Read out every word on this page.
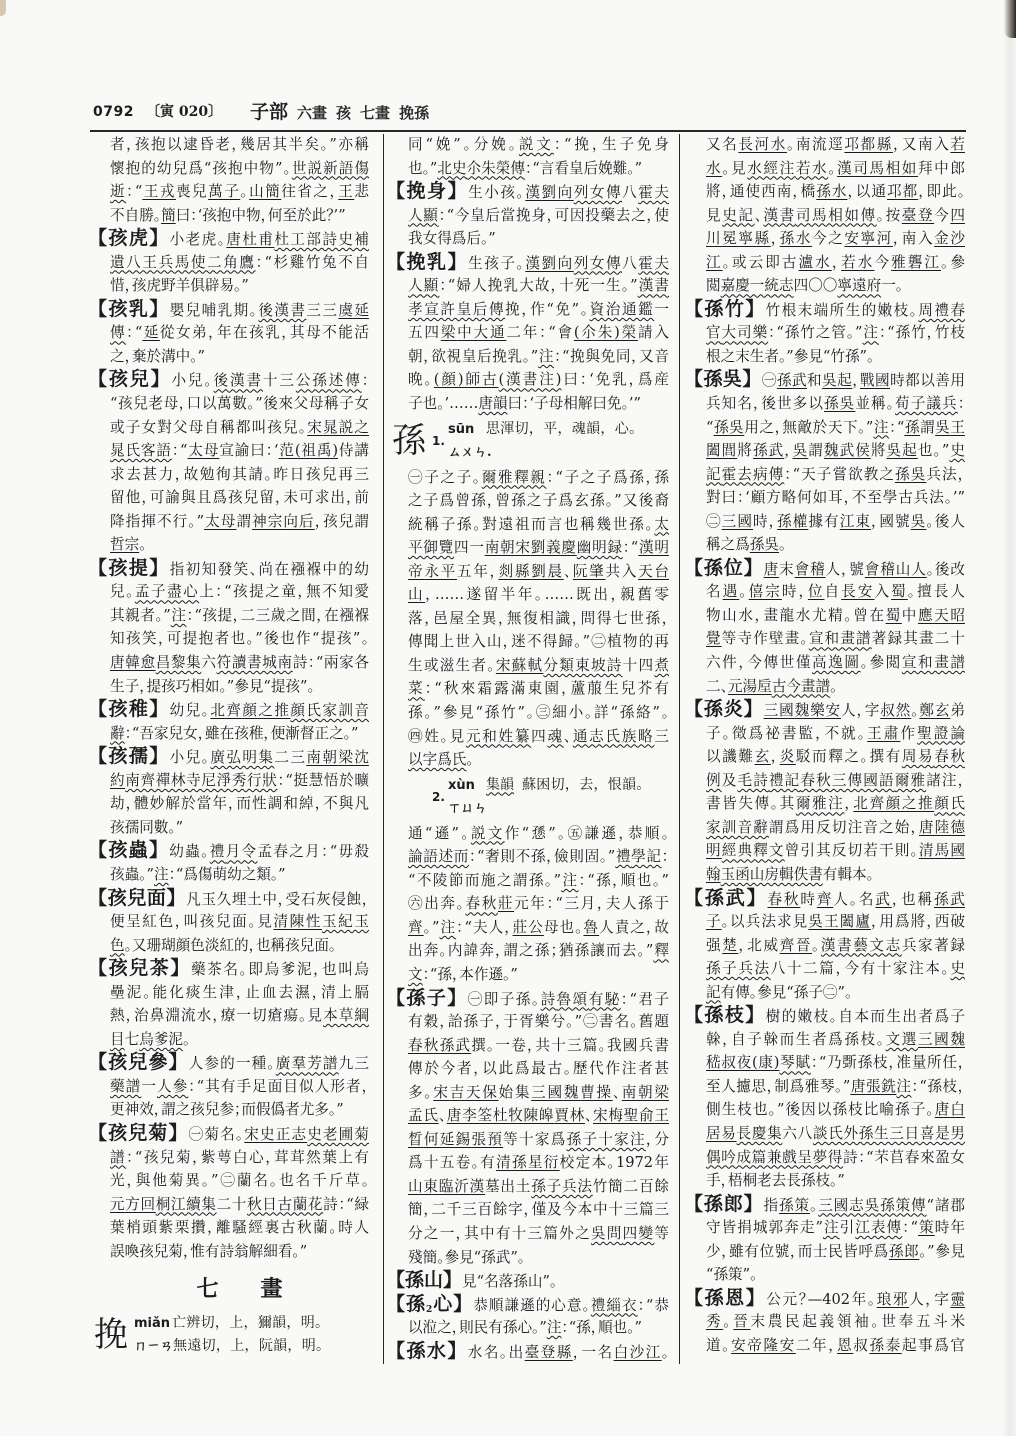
0792 〔寅 020〕 子部 六畫 孩 七畫 挽孫
者，孩抱以逮昏老，幾居其半矣。”亦稱
懷抱的幼兒爲“孩抱中物”。世説新語傷
逝：“王戎喪兒萬子。山簡往省之，王悲
不自勝。簡曰：‘孩抱中物，何至於此？’”
【孩虎】小老虎。唐杜甫杜工部詩史補
遺八王兵馬使二角鷹：“杉雞竹兔不自
惜，孩虎野羊俱辟易。”
【孩乳】嬰兒哺乳期。後漢書三三虞延
傳：“延從女弟，年在孩乳，其母不能活
之，棄於溝中。”
【孩兒】小兒。後漢書十三公孫述傳：
“孩兒老母，口以萬數。”後來父母稱子女
或子女對父母自稱都叫孩兒。宋晁説之
晁氏客語：“太母宣諭曰：‘范(祖禹)侍講
求去甚力，故勉徇其請。昨日孩兒再三
留他，可諭與且爲孩兒留，未可求出，前
降指揮不行。”太母謂神宗向后，孩兒謂
哲宗。
【孩提】指初知發笑、尚在襁褓中的幼
兒。孟子盡心上：“孩提之童，無不知愛
其親者。”注：“孩提，二三歲之間，在襁褓
知孩笑，可提抱者也。”後也作“提孩”。
唐韓愈昌黎集六符讀書城南詩：“兩家各
生子，提孩巧相如。”參見“提孩”。
【孩稚】幼兒。北齊顔之推顔氏家訓音
辭：“吾家兒女，雖在孩稚，便漸督正之。”
【孩孺】小兒。廣弘明集二三南朝梁沈
約南齊禪林寺尼淨秀行狀：“挺慧悟於曠
劫，體妙解於當年，而性調和綽，不與凡
孩孺同數。”
【孩蟲】幼蟲。禮月令孟春之月：“毋殺
孩蟲。”注：“爲傷萌幼之類。”
【孩兒面】凡玉久埋土中，受石灰侵蝕，
便呈紅色，叫孩兒面。見清陳性玉紀玉
色。又珊瑚顔色淡紅的，也稱孩兒面。
【孩兒茶】藥茶名。即烏爹泥，也叫烏
壘泥。能化痰生津，止血去濕，清上膈
熱，治鼻淵流水，療一切瘡瘍。見本草綱
目七烏爹泥。
【孩兒參】人参的一種。廣羣芳譜九三
藥譜一人參：“其有手足面目似人形者，
更神效，謂之孩兒参；而假僞者尤多。”
【孩兒菊】㊀菊名。宋史正志史老圃菊
譜：“孩兒菊，紫萼白心，茸茸然葉上有
光，與他菊異。”㊁蘭名。也名千斤草。
元方回桐江續集二十秋日古蘭花詩：“緑
葉梢頭紫栗攢，離騷經裏古秋蘭。時人
誤喚孩兒菊，惟有詩翁解細看。”
七 畫
挽 miǎn 亡辨切，上，獮韻，明。
ㄇㄧㄢ 無遠切，上，阮韻，明。
同“娩”。分娩。説文：“挽，生子免身
也。”北史尒朱榮傳：“言看皇后娩難。”
【挽身】生小孩。漢劉向列女傳八霍夫
人顯：“今皇后當挽身，可因投藥去之，使
我女得爲后。”
【挽乳】生孩子。漢劉向列女傳八霍夫
人顯：“婦人挽乳大故，十死一生。”漢書
孝宣許皇后傳挽，作“免”。資治通鑑一
五四梁中大通二年：“會(尒朱)榮請入
朝，欲視皇后挽乳。”注：“挽與免同，又音
晚。(顔)師古(漢書注)曰：‘免乳，爲産
子也。’……唐韻曰：‘子母相解曰免。’”
孫 1.
sūn 思渾切，平，魂韻，心。
ㄙㄨㄣ.
㊀子之子。爾雅釋親：“子之子爲孫，孫
之子爲曾孫，曾孫之子爲玄孫。”又後裔
統稱子孫。對遠祖而言也稱幾世孫。太
平御覽四一南朝宋劉義慶幽明録：“漢明
帝永平五年，剡縣劉晨、阮肇共入天台
山，……遂留半年。……既出，親舊零
落，邑屋全異，無復相識，問得七世孫，
傳聞上世入山，迷不得歸。”㊁植物的再
生或滋生者。宋蘇軾分類東坡詩十四煮
菜：“秋來霜露滿東園，蘆菔生兒芥有
孫。”參見“孫竹”。㊂細小。詳“孫絡”。
㊃姓。見元和姓纂四魂、通志氏族略三
以字爲氏。
2.
xùn 集韻 蘇困切，去，恨韻。
ㄒㄩㄣ
通“遜”。説文作“愻”。㊄謙遜，恭順。
論語述而：“奢則不孫，儉則固。”禮學記：
“不陵節而施之謂孫。”注：“孫，順也。”
㊅出奔。春秋莊元年：“三月，夫人孫于
齊。”注：“夫人，莊公母也。魯人責之，故
出奔。内諱奔，謂之孫；猶孫讓而去。”釋
文：“孫，本作遜。”
【孫子】㊀即子孫。詩魯頌有駜：“君子
有穀，詒孫子，于胥樂兮。”㊁書名。舊題
春秋孫武撰。一卷，共十三篇。我國兵書
傳於今者，以此爲最古。歷代作注者甚
多。宋吉天保始集三國魏曹操、南朝梁
孟氏、唐李筌杜牧陳皞賈林、宋梅聖俞王
晳何延錫張預等十家爲孫子十家注，分
爲十五卷。有清孫星衍校定本。1972年
山東臨沂漢墓出土孫子兵法竹簡二百餘
簡，二千三百餘字，僅及今本中十三篇三
分之一，其中有十三篇外之吳問四變等
殘簡。參見“孫武”。
【孫山】見“名落孫山”。
【孫$_2$心】恭順謙遜的心意。禮緇衣：“恭
以涖之，則民有孫心。”注：“孫，順也。”
【孫水】水名。出臺登縣，一名白沙江。
又名長河水。南流逕邛都縣，又南入若
水。見水經注若水。漢司馬相如拜中郎
將，通使西南，橋孫水，以通邛都，即此。
見史記、漢書司馬相如傳。按臺登今四
川冕寧縣，孫水今之安寧河，南入金沙
江。或云即古瀘水，若水今雅礱江。參
閲嘉慶一統志四〇〇寧遠府一。
【孫竹】竹根末端所生的嫩枝。周禮春
官大司樂：“孫竹之管。”注：“孫竹，竹枝
根之末生者。”參見“竹孫”。
【孫吳】㊀孫武和吳起，戰國時都以善用
兵知名，後世多以孫吳並稱。荀子議兵：
“孫吳用之，無敵於天下。”注：“孫謂吳王
闔閭將孫武，吳謂魏武侯將吳起也。”史
記霍去病傳：“天子嘗欲教之孫吳兵法，
對曰：‘顧方略何如耳，不至學古兵法。’”
㊁三國時，孫權據有江東，國號吳。後人
稱之爲孫吳。
【孫位】唐末會稽人，號會稽山人。後改
名遇。僖宗時，位自長安入蜀。擅長人
物山水，畫龍水尤精。曾在蜀中應天昭
覺等寺作壁畫。宣和畫譜著録其畫二十
六件，今傳世僅高逸圖。參閲宣和畫譜
二、元湯垕古今畫譜。
【孫炎】三國魏樂安人，字叔然。鄭玄弟
子。徵爲祕書監，不就。王肅作聖證論
以譏難玄，炎駁而釋之。撰有周易春秋
例及毛詩禮記春秋三傳國語爾雅諸注，
書皆失傳。其爾雅注，北齊顔之推顔氏
家訓音辭謂爲用反切注音之始，唐陸德
明經典釋文曾引其反切若干則。清馬國
翰玉函山房輯佚書有輯本。
【孫武】春秋時齊人。名武，也稱孫武
子。以兵法求見吳王闔廬，用爲將，西破
强楚，北威齊晉。漢書藝文志兵家著録
孫子兵法八十二篇，今有十家注本。史
記有傳。參見“孫子㊁”。
【孫枝】樹的嫩枝。自本而生出者爲子
榦，自子榦而生者爲孫枝。文選三國魏
嵇叔夜(康)琴賦：“乃斲孫枝，准量所任，
至人攄思，制爲雅琴。”唐張銑注：“孫枝，
側生枝也。”後因以孫枝比喻孫子。唐白
居易長慶集六八談氏外孫生三日喜是男
偶吟成篇兼戲呈夢得詩：“芣苢春來盈女
手，梧桐老去長孫枝。”
【孫郎】指孫策。三國志吳孫策傳“諸郡
守皆捐城郭奔走”注引江表傳：“策時年
少，雖有位號，而士民皆呼爲孫郎。”參見
“孫策”。
【孫恩】公元？—402年。琅邪人，字靈
秀。晉末農民起義領袖。世奉五斗米
道。安帝隆安二年，恩叔孫泰起事爲官
